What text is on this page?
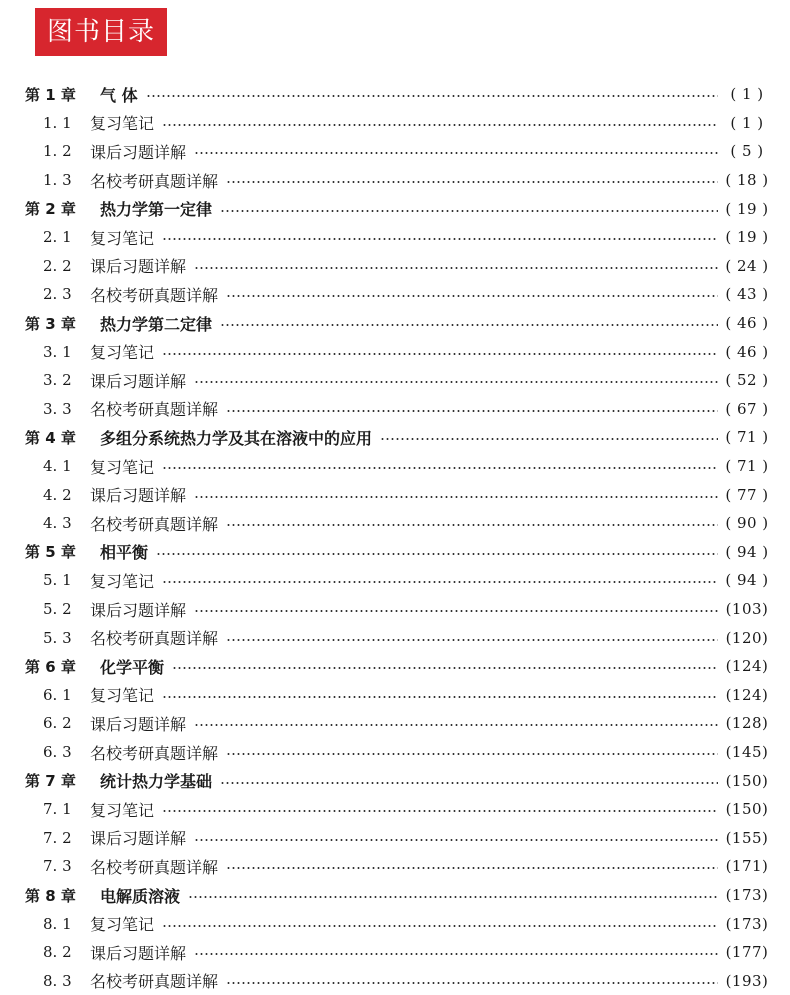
图书目录
第 1 章	气 体	( 1 )
1. 1	复习笔记	( 1 )
1. 2	课后习题详解	( 5 )
1. 3	名校考研真题详解	( 18 )
第 2 章	热力学第一定律	( 19 )
2. 1	复习笔记	( 19 )
2. 2	课后习题详解	( 24 )
2. 3	名校考研真题详解	( 43 )
第 3 章	热力学第二定律	( 46 )
3. 1	复习笔记	( 46 )
3. 2	课后习题详解	( 52 )
3. 3	名校考研真题详解	( 67 )
第 4 章	多组分系统热力学及其在溶液中的应用	( 71 )
4. 1	复习笔记	( 71 )
4. 2	课后习题详解	( 77 )
4. 3	名校考研真题详解	( 90 )
第 5 章	相平衡	( 94 )
5. 1	复习笔记	( 94 )
5. 2	课后习题详解	(103)
5. 3	名校考研真题详解	(120)
第 6 章	化学平衡	(124)
6. 1	复习笔记	(124)
6. 2	课后习题详解	(128)
6. 3	名校考研真题详解	(145)
第 7 章	统计热力学基础	(150)
7. 1	复习笔记	(150)
7. 2	课后习题详解	(155)
7. 3	名校考研真题详解	(171)
第 8 章	电解质溶液	(173)
8. 1	复习笔记	(173)
8. 2	课后习题详解	(177)
8. 3	名校考研真题详解	(193)
